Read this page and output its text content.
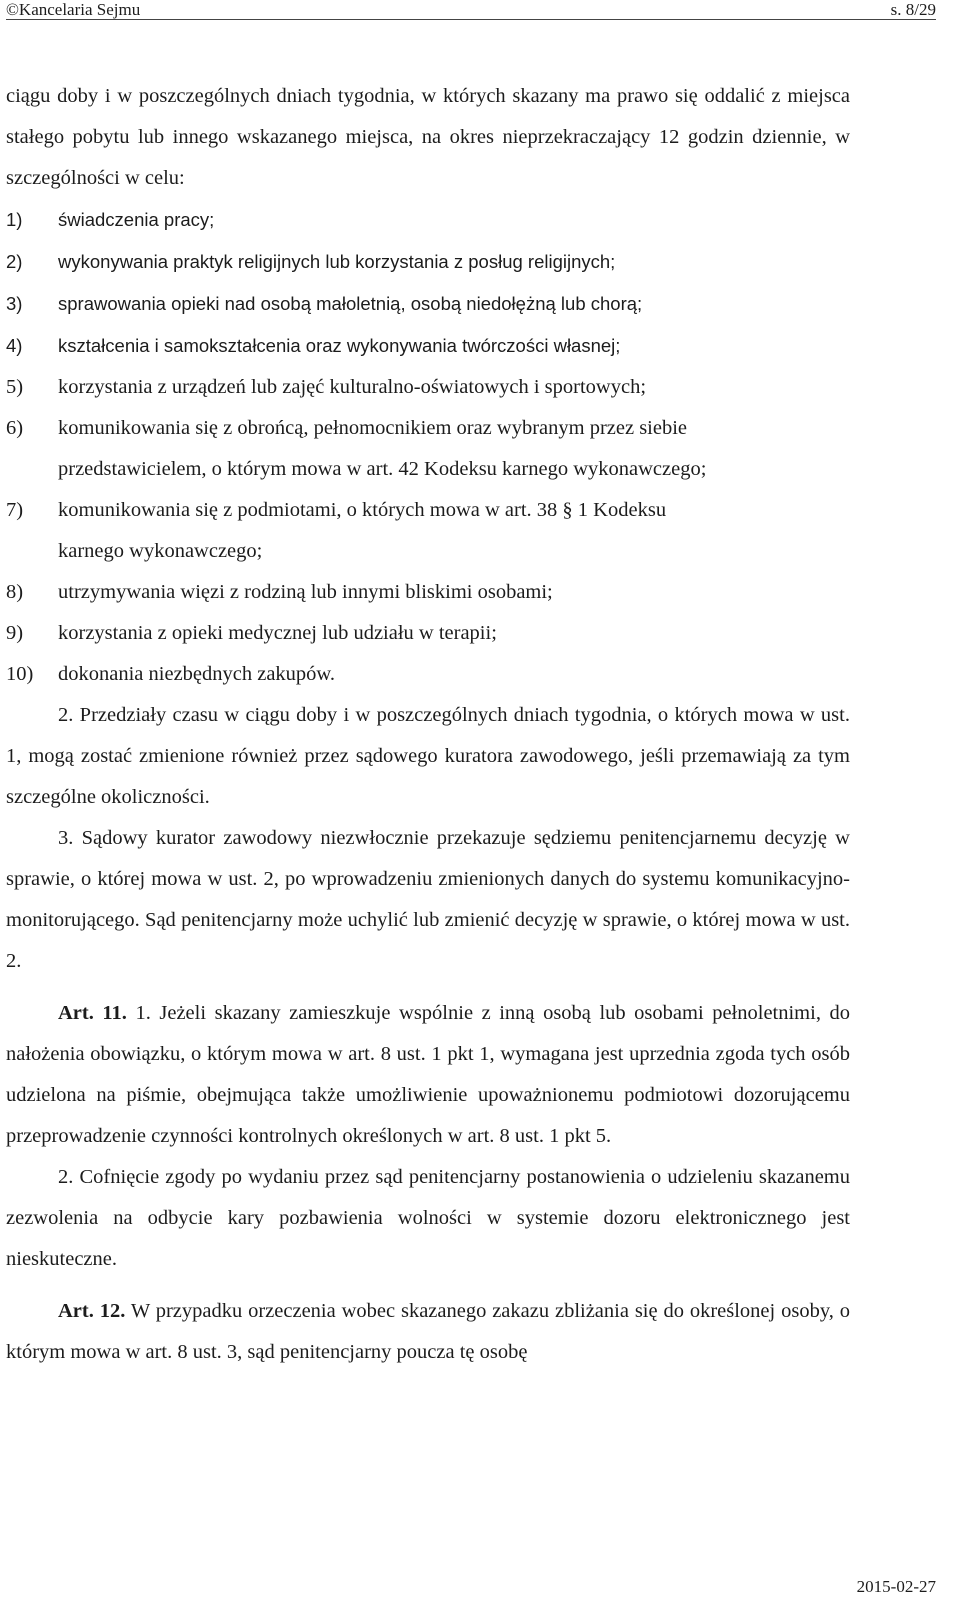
©Kancelaria Sejmu	s. 8/29

ciągu doby i w poszczególnych dniach tygodnia, w których skazany ma prawo się oddalić z miejsca stałego pobytu lub innego wskazanego miejsca, na okres nieprzekraczający 12 godzin dziennie, w szczególności w celu:

1)	świadczenia pracy;
2)	wykonywania praktyk religijnych lub korzystania z posług religijnych;
3)	sprawowania opieki nad osobą małoletnią, osobą niedołężną lub chorą;
4)	kształcenia i samokształcenia oraz wykonywania twórczości własnej;
5)	korzystania z urządzeń lub zajęć kulturalno-oświatowych i sportowych;
6)	komunikowania się z obrońcą, pełnomocnikiem oraz wybranym przez siebie

przedstawicielem, o którym mowa w art. 42 Kodeksu karnego wykonawczego;

7)	komunikowania się z podmiotami, o których mowa w art. 38 § 1 Kodeksu

karnego wykonawczego;

8)	utrzymywania więzi z rodziną lub innymi bliskimi osobami;
9)	korzystania z opieki medycznej lub udziału w terapii;
10)	dokonania niezbędnych zakupów.

2. Przedziały czasu w ciągu doby i w poszczególnych dniach tygodnia, o których mowa w ust. 1, mogą zostać zmienione również przez sądowego kuratora zawodowego, jeśli przemawiają za tym szczególne okoliczności.

3. Sądowy kurator zawodowy niezwłocznie przekazuje sędziemu penitencjarnemu decyzję w sprawie, o której mowa w ust. 2, po wprowadzeniu zmienionych danych do systemu komunikacyjno-monitorującego. Sąd penitencjarny może uchylić lub zmienić decyzję w sprawie, o której mowa w ust. 2.

Art. 11. 1. Jeżeli skazany zamieszkuje wspólnie z inną osobą lub osobami pełnoletnimi, do nałożenia obowiązku, o którym mowa w art. 8 ust. 1 pkt 1, wymagana jest uprzednia zgoda tych osób udzielona na piśmie, obejmująca także umożliwienie upoważnionemu podmiotowi dozorującemu przeprowadzenie czynności kontrolnych określonych w art. 8 ust. 1 pkt 5.

2. Cofnięcie zgody po wydaniu przez sąd penitencjarny postanowienia o udzieleniu skazanemu zezwolenia na odbycie kary pozbawienia wolności w systemie dozoru elektronicznego jest nieskuteczne.

Art. 12. W przypadku orzeczenia wobec skazanego zakazu zbliżania się do określonej osoby, o którym mowa w art. 8 ust. 3, sąd penitencjarny poucza tę osobę

2015-02-27
